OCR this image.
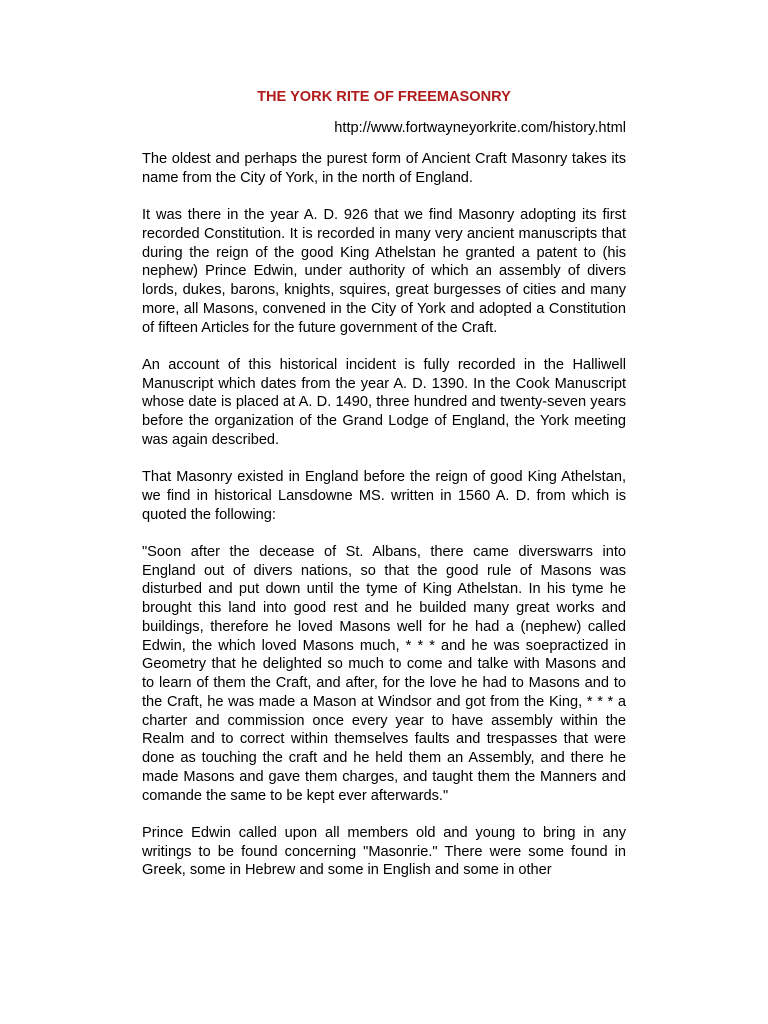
THE YORK RITE OF FREEMASONRY
http://www.fortwayneyorkrite.com/history.html

The oldest and perhaps the purest form of Ancient Craft Masonry takes its name from the City of York, in the north of England.

It was there in the year A. D. 926 that we find Masonry adopting its first recorded Constitution. It is recorded in many very ancient manuscripts that during the reign of the good King Athelstan he granted a patent to (his nephew) Prince Edwin, under authority of which an assembly of divers lords, dukes, barons, knights, squires, great burgesses of cities and many more, all Masons, convened in the City of York and adopted a Constitution of fifteen Articles for the future government of the Craft.

An account of this historical incident is fully recorded in the Halliwell Manuscript which dates from the year A. D. 1390. In the Cook Manuscript whose date is placed at A. D. 1490, three hundred and twenty-seven years before the organization of the Grand Lodge of England, the York meeting was again described.

That Masonry existed in England before the reign of good King Athelstan, we find in historical Lansdowne MS. written in 1560 A. D. from which is quoted the following:

"Soon after the decease of St. Albans, there came diverswarrs into England out of divers nations, so that the good rule of Masons was disturbed and put down until the tyme of King Athelstan. In his tyme he brought this land into good rest and he builded many great works and buildings, therefore he loved Masons well for he had a (nephew) called Edwin, the which loved Masons much, * * * and he was soepractized in Geometry that he delighted so much to come and talke with Masons and to learn of them the Craft, and after, for the love he had to Masons and to the Craft, he was made a Mason at Windsor and got from the King, * * * a charter and commission once every year to have assembly within the Realm and to correct within themselves faults and trespasses that were done as touching the craft and he held them an Assembly, and there he made Masons and gave them charges, and taught them the Manners and comande the same to be kept ever afterwards."

Prince Edwin called upon all members old and young to bring in any writings to be found concerning "Masonrie." There were some found in Greek, some in Hebrew and some in English and some in other
